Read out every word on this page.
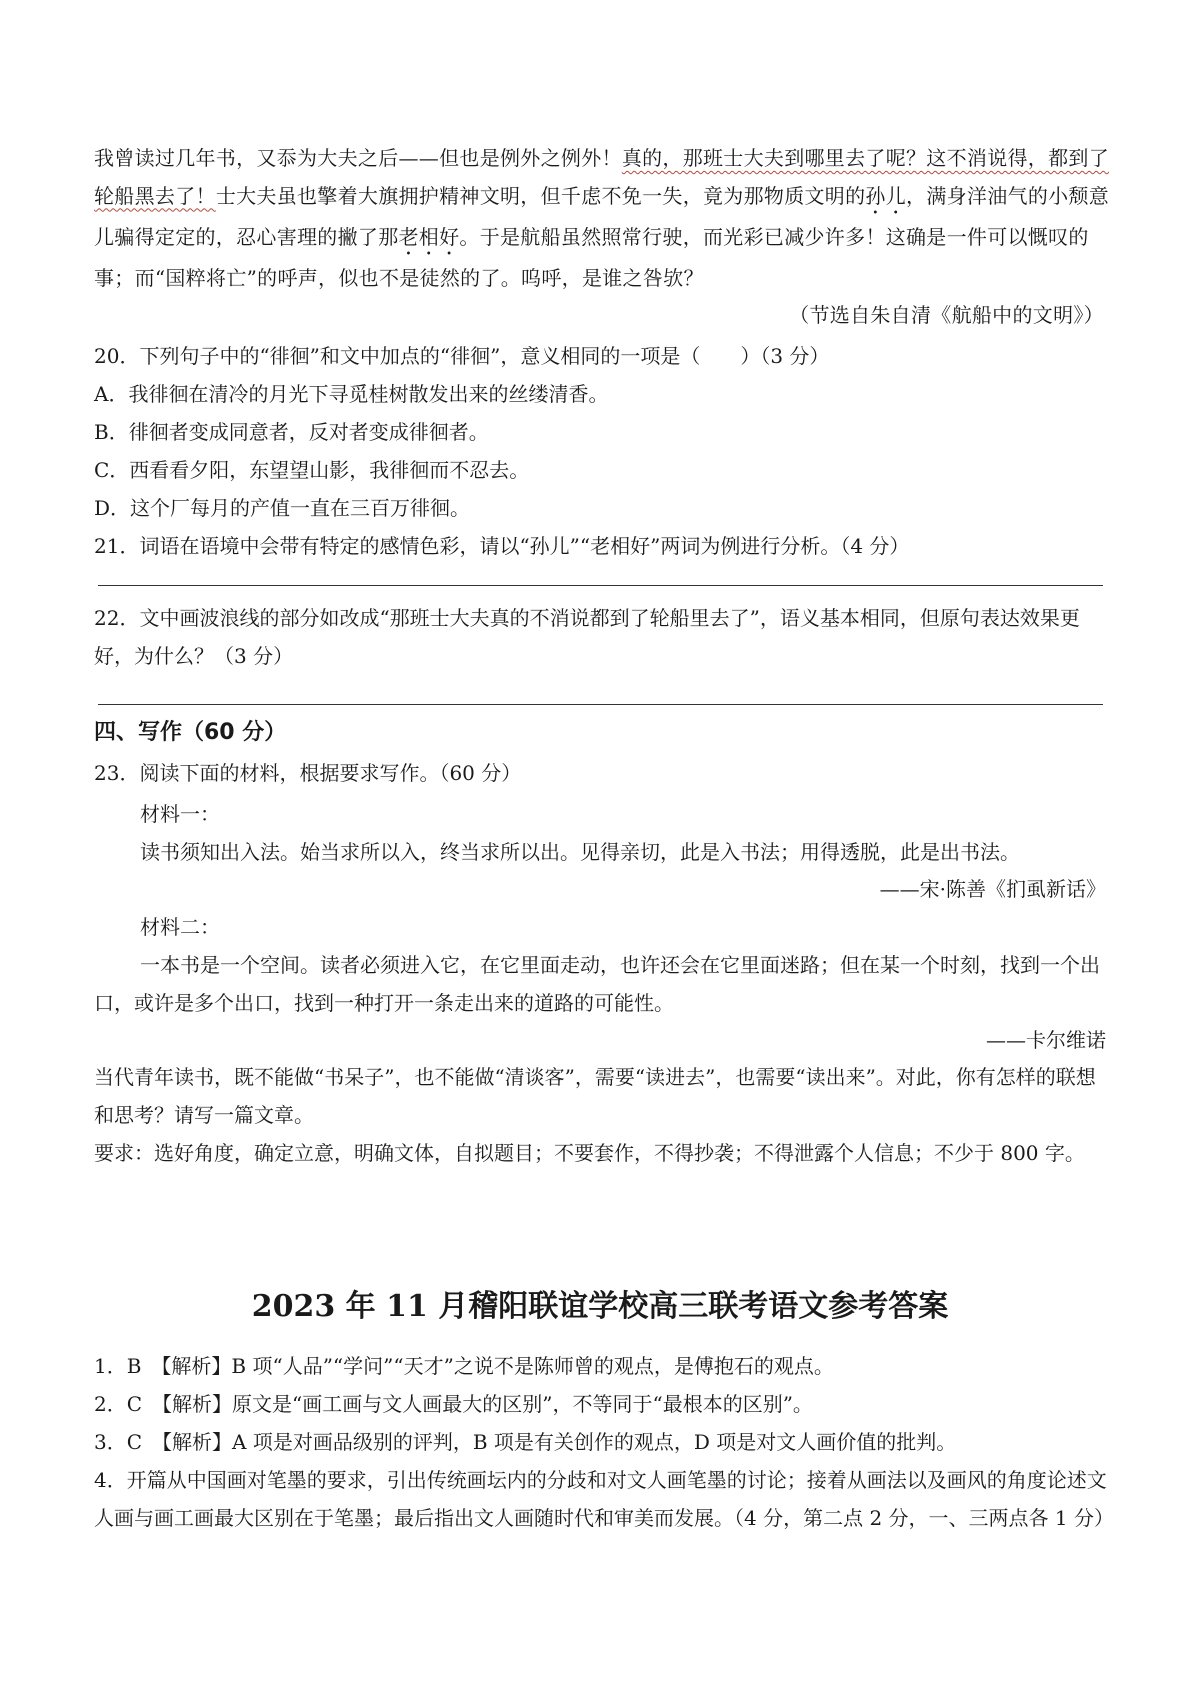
我曾读过几年书，又忝为大夫之后——但也是例外之例外！真的，那班士大夫到哪里去了呢？这不消说得，都到了轮船黑去了！士大夫虽也擎着大旗拥护精神文明，但千虑不免一失，竟为那物质文明的孙儿，满身洋油气的小颓意儿骗得定定的，忍心害理的撇了那老相好。于是航船虽然照常行驶，而光彩已减少许多！这确是一件可以慨叹的事；而“国粹将亡”的呼声，似也不是徒然的了。呜呼，是谁之咎欤？
（节选自朱自清《航船中的文明》）
20．下列句子中的“徘徊”和文中加点的“徘徊”，意义相同的一项是（　　）（3 分）
A．我徘徊在清冷的月光下寻觅桂树散发出来的丝缕清香。
B．徘徊者变成同意者，反对者变成徘徊者。
C．西看看夕阳，东望望山影，我徘徊而不忍去。
D．这个厂每月的产值一直在三百万徘徊。
21．词语在语境中会带有特定的感情色彩，请以“孙儿”“老相好”两词为例进行分析。（4 分）
22．文中画波浪线的部分如改成“那班士大夫真的不消说都到了轮船里去了”，语义基本相同，但原句表达效果更好，为什么？（3 分）
四、写作（60 分）
23．阅读下面的材料，根据要求写作。（60 分）
材料一：
读书须知出入法。始当求所以入，终当求所以出。见得亲切，此是入书法；用得透脱，此是出书法。
——宋·陈善《扪虱新话》
材料二：
一本书是一个空间。读者必须进入它，在它里面走动，也许还会在它里面迷路；但在某一个时刻，找到一个出口，或许是多个出口，找到一种打开一条走出来的道路的可能性。
——卡尔维诺
当代青年读书，既不能做“书呆子”，也不能做“清谈客”，需要“读进去”，也需要“读出来”。对此，你有怎样的联想和思考？请写一篇文章。
要求：选好角度，确定立意，明确文体，自拟题目；不要套作，不得抄袭；不得泄露个人信息；不少于 800 字。
2023 年 11 月稽阳联谊学校高三联考语文参考答案
1．B　【解析】B 项“人品”“学问”“天才”之说不是陈师曾的观点，是傅抱石的观点。
2．C　【解析】原文是“画工画与文人画最大的区别”，不等同于“最根本的区别”。
3．C　【解析】A 项是对画品级别的评判，B 项是有关创作的观点，D 项是对文人画价值的批判。
4．开篇从中国画对笔墨的要求，引出传统画坛内的分歧和对文人画笔墨的讨论；接着从画法以及画风的角度论述文人画与画工画最大区别在于笔墨；最后指出文人画随时代和审美而发展。（4 分，第二点 2 分，一、三两点各 1 分）
